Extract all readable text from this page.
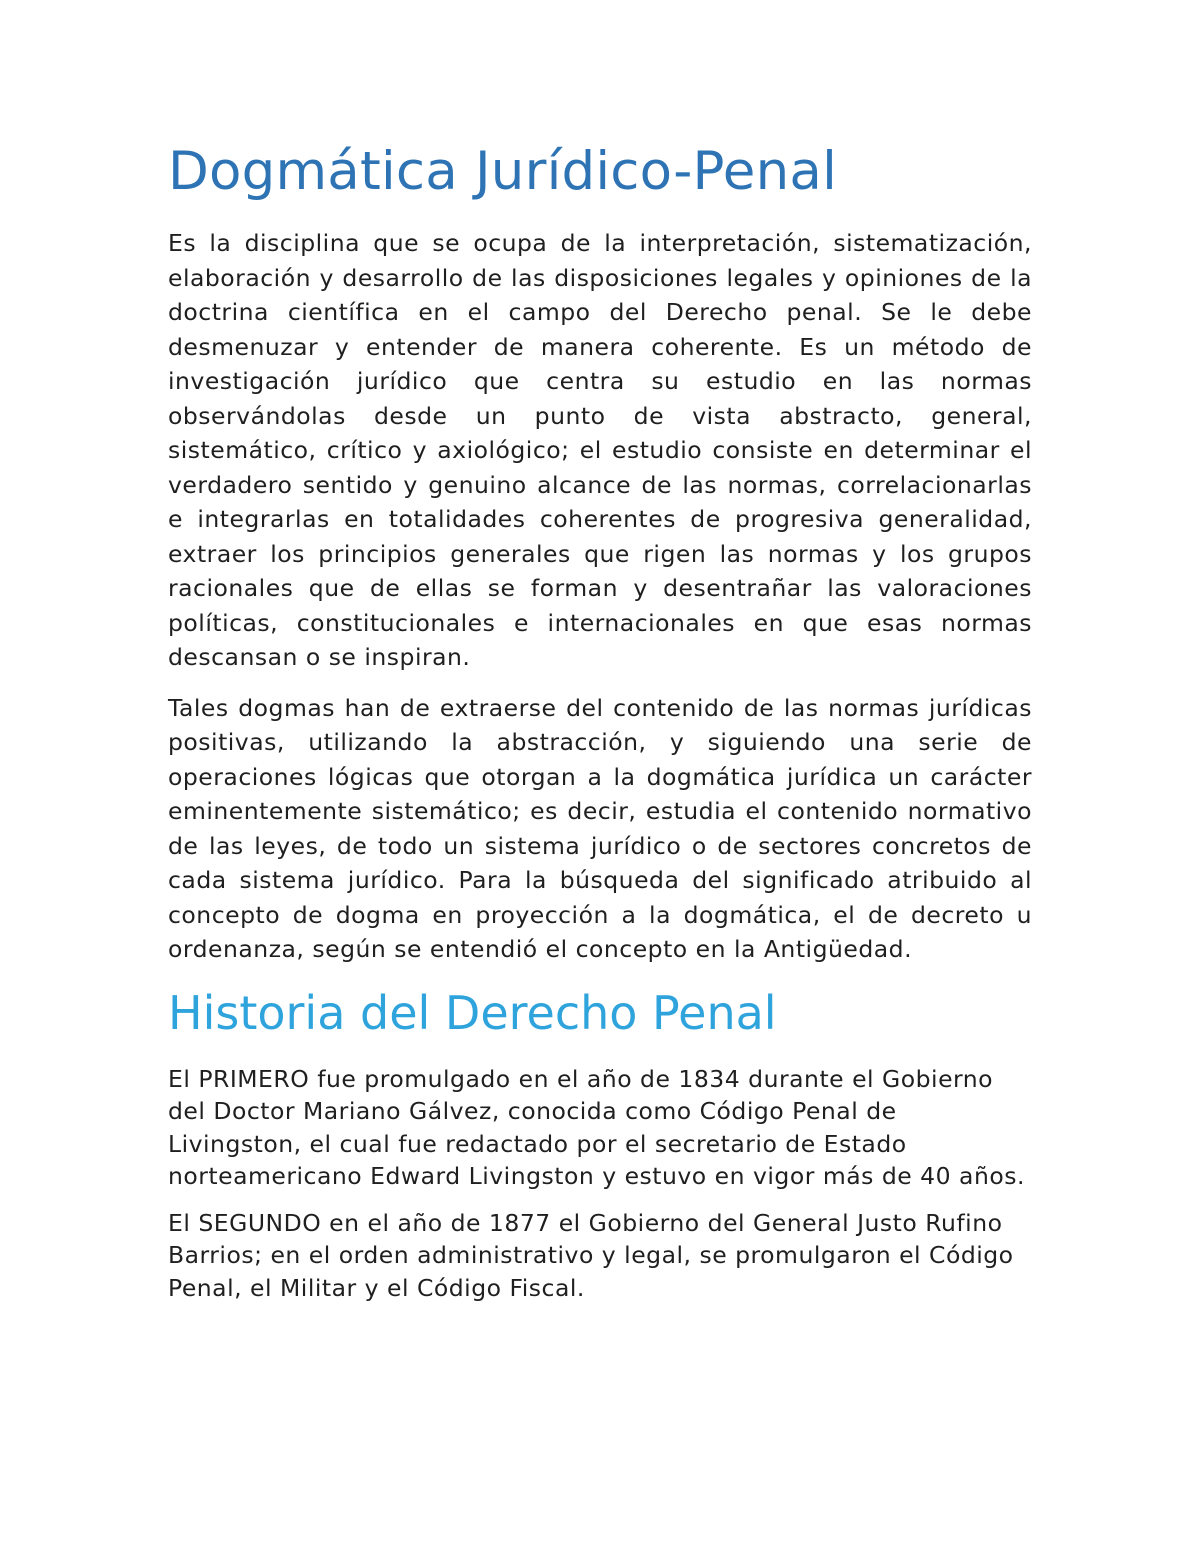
Dogmática Jurídico-Penal

Es la disciplina que se ocupa de la interpretación, sistematización, elaboración y desarrollo de las disposiciones legales y opiniones de la doctrina científica en el campo del Derecho penal. Se le debe desmenuzar y entender de manera coherente. Es un método de investigación jurídico que centra su estudio en las normas observándolas desde un punto de vista abstracto, general, sistemático, crítico y axiológico; el estudio consiste en determinar el verdadero sentido y genuino alcance de las normas, correlacionarlas e integrarlas en totalidades coherentes de progresiva generalidad, extraer los principios generales que rigen las normas y los grupos racionales que de ellas se forman y desentrañar las valoraciones políticas, constitucionales e internacionales en que esas normas descansan o se inspiran.

Tales dogmas han de extraerse del contenido de las normas jurídicas positivas, utilizando la abstracción, y siguiendo una serie de operaciones lógicas que otorgan a la dogmática jurídica un carácter eminentemente sistemático; es decir, estudia el contenido normativo de las leyes, de todo un sistema jurídico o de sectores concretos de cada sistema jurídico. Para la búsqueda del significado atribuido al concepto de dogma en proyección a la dogmática, el de decreto u ordenanza, según se entendió el concepto en la Antigüedad.

Historia del Derecho Penal

El PRIMERO fue promulgado en el año de 1834 durante el Gobierno del Doctor Mariano Gálvez, conocida como Código Penal de Livingston, el cual fue redactado por el secretario de Estado norteamericano Edward Livingston y estuvo en vigor más de 40 años.

El SEGUNDO en el año de 1877 el Gobierno del General Justo Rufino Barrios; en el orden administrativo y legal, se promulgaron el Código Penal, el Militar y el Código Fiscal.
